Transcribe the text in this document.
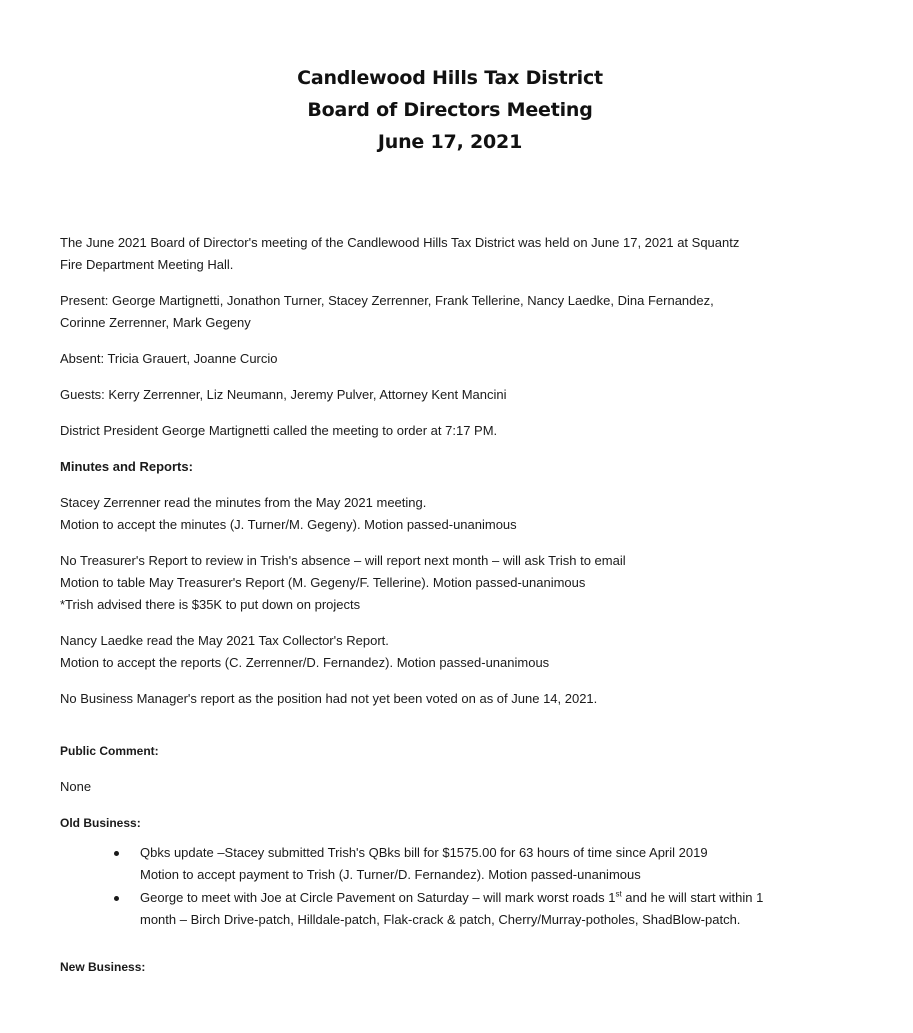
Candlewood Hills Tax District
Board of Directors Meeting
June 17, 2021

The June 2021 Board of Director's meeting of the Candlewood Hills Tax District was held on June 17, 2021 at Squantz
Fire Department Meeting Hall.

Present: George Martignetti, Jonathon Turner, Stacey Zerrenner, Frank Tellerine, Nancy Laedke, Dina Fernandez,
Corinne Zerrenner, Mark Gegeny

Absent: Tricia Grauert, Joanne Curcio

Guests: Kerry Zerrenner, Liz Neumann, Jeremy Pulver, Attorney Kent Mancini

District President George Martignetti called the meeting to order at 7:17 PM.

Minutes and Reports:

Stacey Zerrenner read the minutes from the May 2021 meeting.
Motion to accept the minutes (J. Turner/M. Gegeny). Motion passed-unanimous

No Treasurer's Report to review in Trish's absence – will report next month – will ask Trish to email
Motion to table May Treasurer's Report (M. Gegeny/F. Tellerine). Motion passed-unanimous
*Trish advised there is $35K to put down on projects

Nancy Laedke read the May 2021 Tax Collector's Report.
Motion to accept the reports (C. Zerrenner/D. Fernandez). Motion passed-unanimous

No Business Manager's report as the position had not yet been voted on as of June 14, 2021.

Public Comment:

None

Old Business:

Qbks update –Stacey submitted Trish's QBks bill for $1575.00 for 63 hours of time since April 2019
Motion to accept payment to Trish (J. Turner/D. Fernandez). Motion passed-unanimous
George to meet with Joe at Circle Pavement on Saturday – will mark worst roads 1st and he will start within 1
month – Birch Drive-patch, Hilldale-patch, Flak-crack & patch, Cherry/Murray-potholes, ShadBlow-patch.

New Business:
